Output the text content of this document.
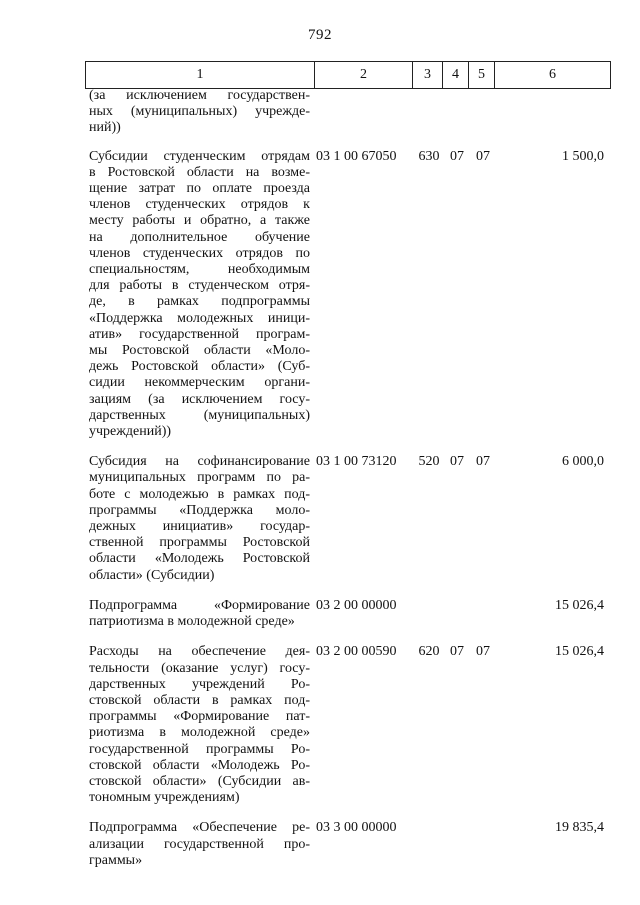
792
1	2	3	4	5	6
(за исключением государствен-
ных (муниципальных) учрежде-
ний))
Субсидии студенческим отрядам
в Ростовской области на возме-
щение затрат по оплате проезда
членов студенческих отрядов к
месту работы и обратно, а также
на дополнительное обучение
членов студенческих отрядов по
специальностям, необходимым
для работы в студенческом отря-
де, в рамках подпрограммы
«Поддержка молодежных иници-
атив» государственной програм-
мы Ростовской области «Моло-
дежь Ростовской области» (Суб-
сидии некоммерческим органи-
зациям (за исключением госу-
дарственных (муниципальных)
учреждений))
03 1 00 67050	630 07 07	1 500,0
Субсидия на софинансирование
муниципальных программ по ра-
боте с молодежью в рамках под-
программы «Поддержка моло-
дежных инициатив» государ-
ственной программы Ростовской
области «Молодежь Ростовской
области» (Субсидии)
03 1 00 73120	520 07 07	6 000,0
Подпрограмма «Формирование
патриотизма в молодежной среде»
03 2 00 00000	15 026,4
Расходы на обеспечение дея-
тельности (оказание услуг) госу-
дарственных учреждений Ро-
стовской области в рамках под-
программы «Формирование пат-
риотизма в молодежной среде»
государственной программы Ро-
стовской области «Молодежь Ро-
стовской области» (Субсидии ав-
тономным учреждениям)
03 2 00 00590	620 07 07	15 026,4
Подпрограмма «Обеспечение ре-
ализации государственной про-
граммы»
03 3 00 00000	19 835,4
